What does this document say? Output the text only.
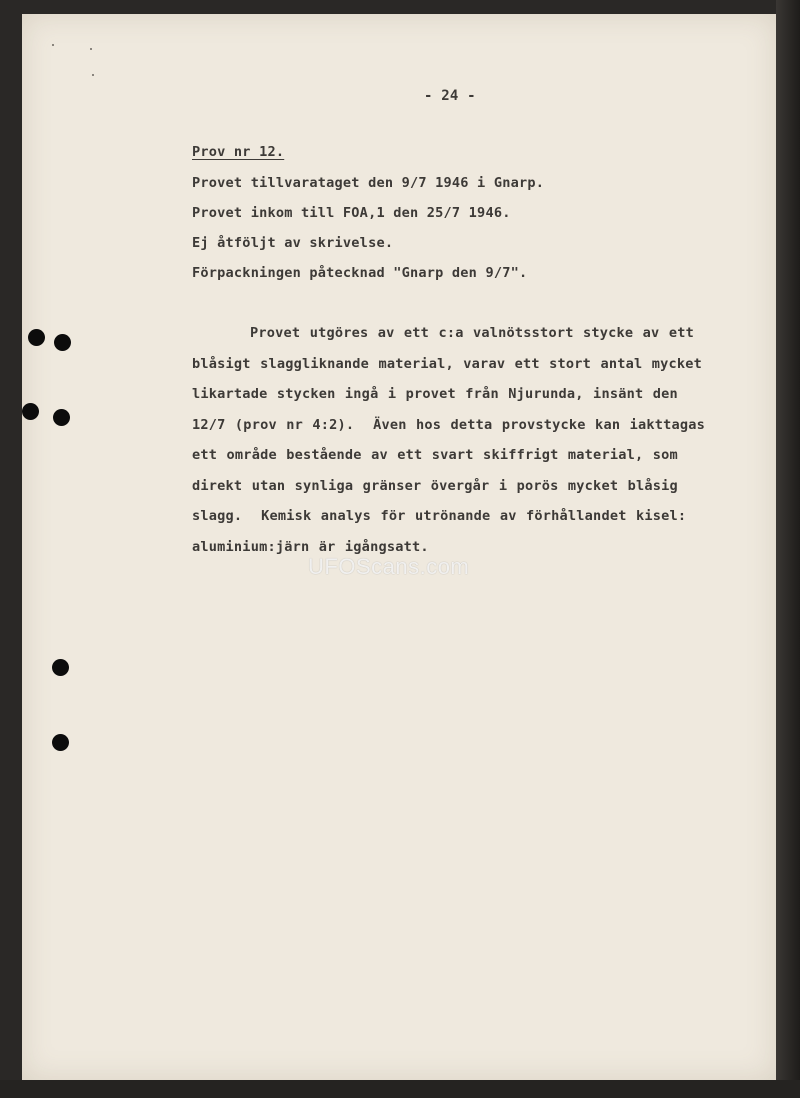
- 24 -
Prov nr 12.
Provet tillvarataget den 9/7 1946 i Gnarp.
Provet inkom till FOA,1 den 25/7 1946.
Ej åtföljt av skrivelse.
Förpackningen påtecknad "Gnarp den 9/7".
Provet utgöres av ett c:a valnötsstort stycke av ett
blåsigt slaggliknande material, varav ett stort antal mycket
likartade stycken ingå i provet från Njurunda, insänt den
12/7 (prov nr 4:2).  Även hos detta provstycke kan iakttagas
ett område bestående av ett svart skiffrigt material, som
direkt utan synliga gränser övergår i porös mycket blåsig
slagg.  Kemisk analys för utrönande av förhållandet kisel:
aluminium:järn är igångsatt.
UFOScans.com
